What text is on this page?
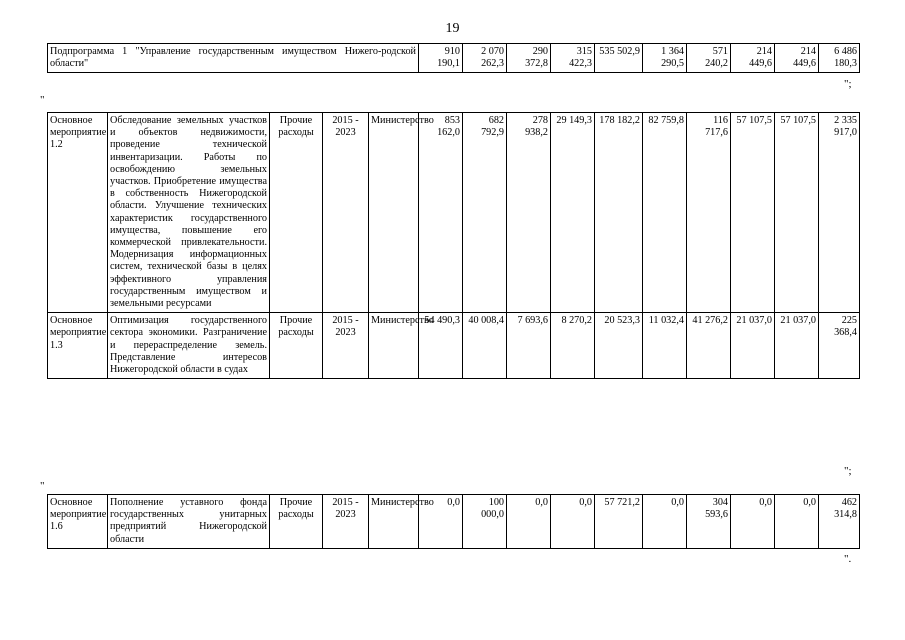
19
Подпрограмма 1 "Управление государственным имуществом Нижего-родской области"	910 190,1	2 070 262,3	290 372,8	315 422,3	535 502,9	1 364 290,5	571 240,2	214 449,6	214 449,6	6 486 180,3
";
"
Основное мероприятие 1.2	Обследование земельных участков и объектов недвижимости, проведение технической инвентаризации. Работы по освобождению земельных участков. Приобретение имущества в собственность Нижегородской области. Улучшение технических характеристик государственного имущества, повышение его коммерческой привлекательности. Модернизация информационных систем, технической базы в целях эффективного управления государственным имуществом и земельными ресурсами	Прочие расходы	2015 - 2023	Министерство	853 162,0	682 792,9	278 938,2	29 149,3	178 182,2	82 759,8	116 717,6	57 107,5	57 107,5	2 335 917,0
Основное мероприятие 1.3	Оптимизация государственного сектора экономики. Разграничение и перераспределение земель. Представление интересов Нижегородской области в судах	Прочие расходы	2015 - 2023	Министерство	54 490,3	40 008,4	7 693,6	8 270,2	20 523,3	11 032,4	41 276,2	21 037,0	21 037,0	225 368,4
";
"
Основное мероприятие 1.6	Пополнение уставного фонда государственных унитарных предприятий Нижегородской области	Прочие расходы	2015 - 2023	Министерство	0,0	100 000,0	0,0	0,0	57 721,2	0,0	304 593,6	0,0	0,0	462 314,8
".
